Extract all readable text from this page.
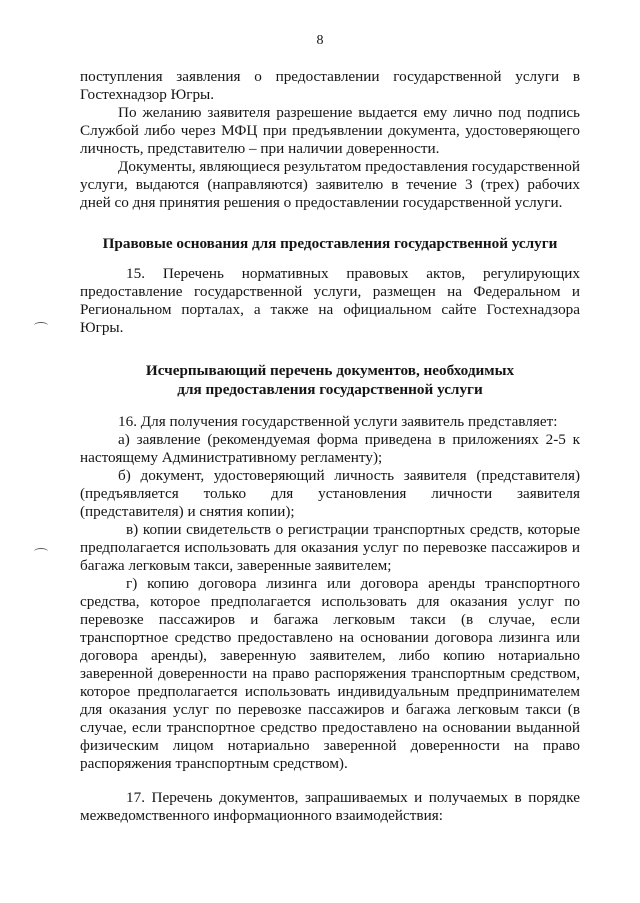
8

поступления заявления о предоставлении государственной услуги в Гостехнадзор Югры.

По желанию заявителя разрешение выдается ему лично под подпись Службой либо через МФЦ при предъявлении документа, удостоверяющего личность, представителю – при наличии доверенности.

Документы, являющиеся результатом предоставления государственной услуги, выдаются (направляются) заявителю в течение 3 (трех) рабочих дней со дня принятия решения о предоставлении государственной услуги.

Правовые основания для предоставления государственной услуги

15. Перечень нормативных правовых актов, регулирующих предоставление государственной услуги, размещен на Федеральном и Региональном порталах, а также на официальном сайте Гостехнадзора Югры.

Исчерпывающий перечень документов, необходимых
для предоставления государственной услуги

16. Для получения государственной услуги заявитель представляет:

а) заявление (рекомендуемая форма приведена в приложениях 2-5 к настоящему Административному регламенту);

б) документ, удостоверяющий личность заявителя (представителя) (предъявляется только для установления личности заявителя (представителя) и снятия копии);

в) копии свидетельств о регистрации транспортных средств, которые предполагается использовать для оказания услуг по перевозке пассажиров и багажа легковым такси, заверенные заявителем;

г) копию договора лизинга или договора аренды транспортного средства, которое предполагается использовать для оказания услуг по перевозке пассажиров и багажа легковым такси (в случае, если транспортное средство предоставлено на основании договора лизинга или договора аренды), заверенную заявителем, либо копию нотариально заверенной доверенности на право распоряжения транспортным средством, которое предполагается использовать индивидуальным предпринимателем для оказания услуг по перевозке пассажиров и багажа легковым такси (в случае, если транспортное средство предоставлено на основании выданной физическим лицом нотариально заверенной доверенности на право распоряжения транспортным средством).

17. Перечень документов, запрашиваемых и получаемых в порядке межведомственного информационного взаимодействия:
